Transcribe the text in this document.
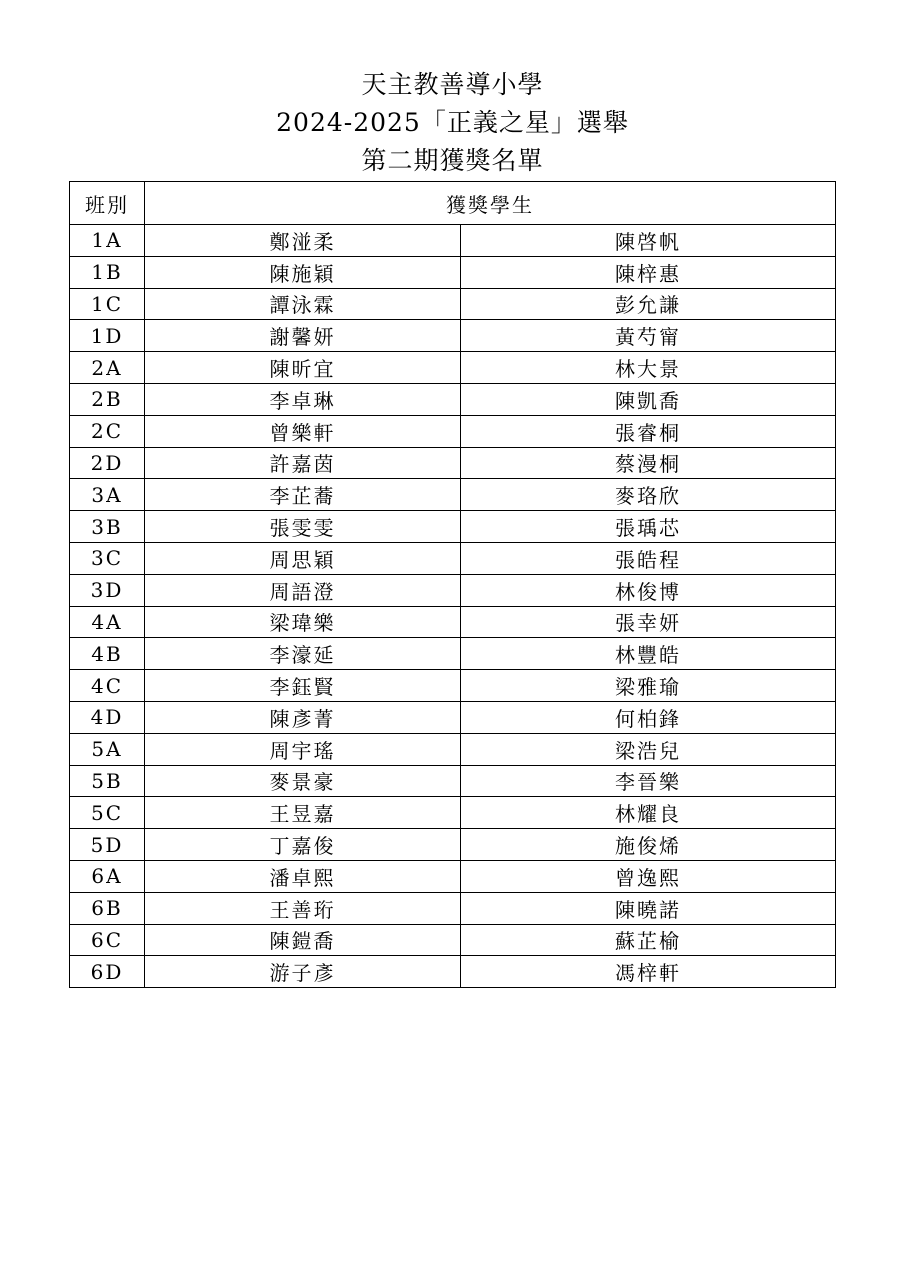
天主教善導小學
2024-2025「正義之星」選舉
第二期獲獎名單
班別	獲獎學生	
1A	鄭湴柔	陳啓帆
1B	陳施穎	陳梓惠
1C	譚泳霖	彭允謙
1D	謝馨妍	黃芍甯
2A	陳昕宜	林大景
2B	李卓琳	陳凱喬
2C	曾樂軒	張睿桐
2D	許嘉茵	蔡漫桐
3A	李芷蕎	麥珞欣
3B	張雯雯	張瑀芯
3C	周思穎	張皓程
3D	周語澄	林俊博
4A	梁瑋樂	張幸妍
4B	李濠延	林豐皓
4C	李鈺賢	梁雅瑜
4D	陳彥菁	何柏鋒
5A	周宇瑤	梁浩兒
5B	麥景豪	李晉樂
5C	王昱嘉	林耀良
5D	丁嘉俊	施俊烯
6A	潘卓熙	曾逸熙
6B	王善珩	陳曉諾
6C	陳鎧喬	蘇芷榆
6D	游子彥	馮梓軒
